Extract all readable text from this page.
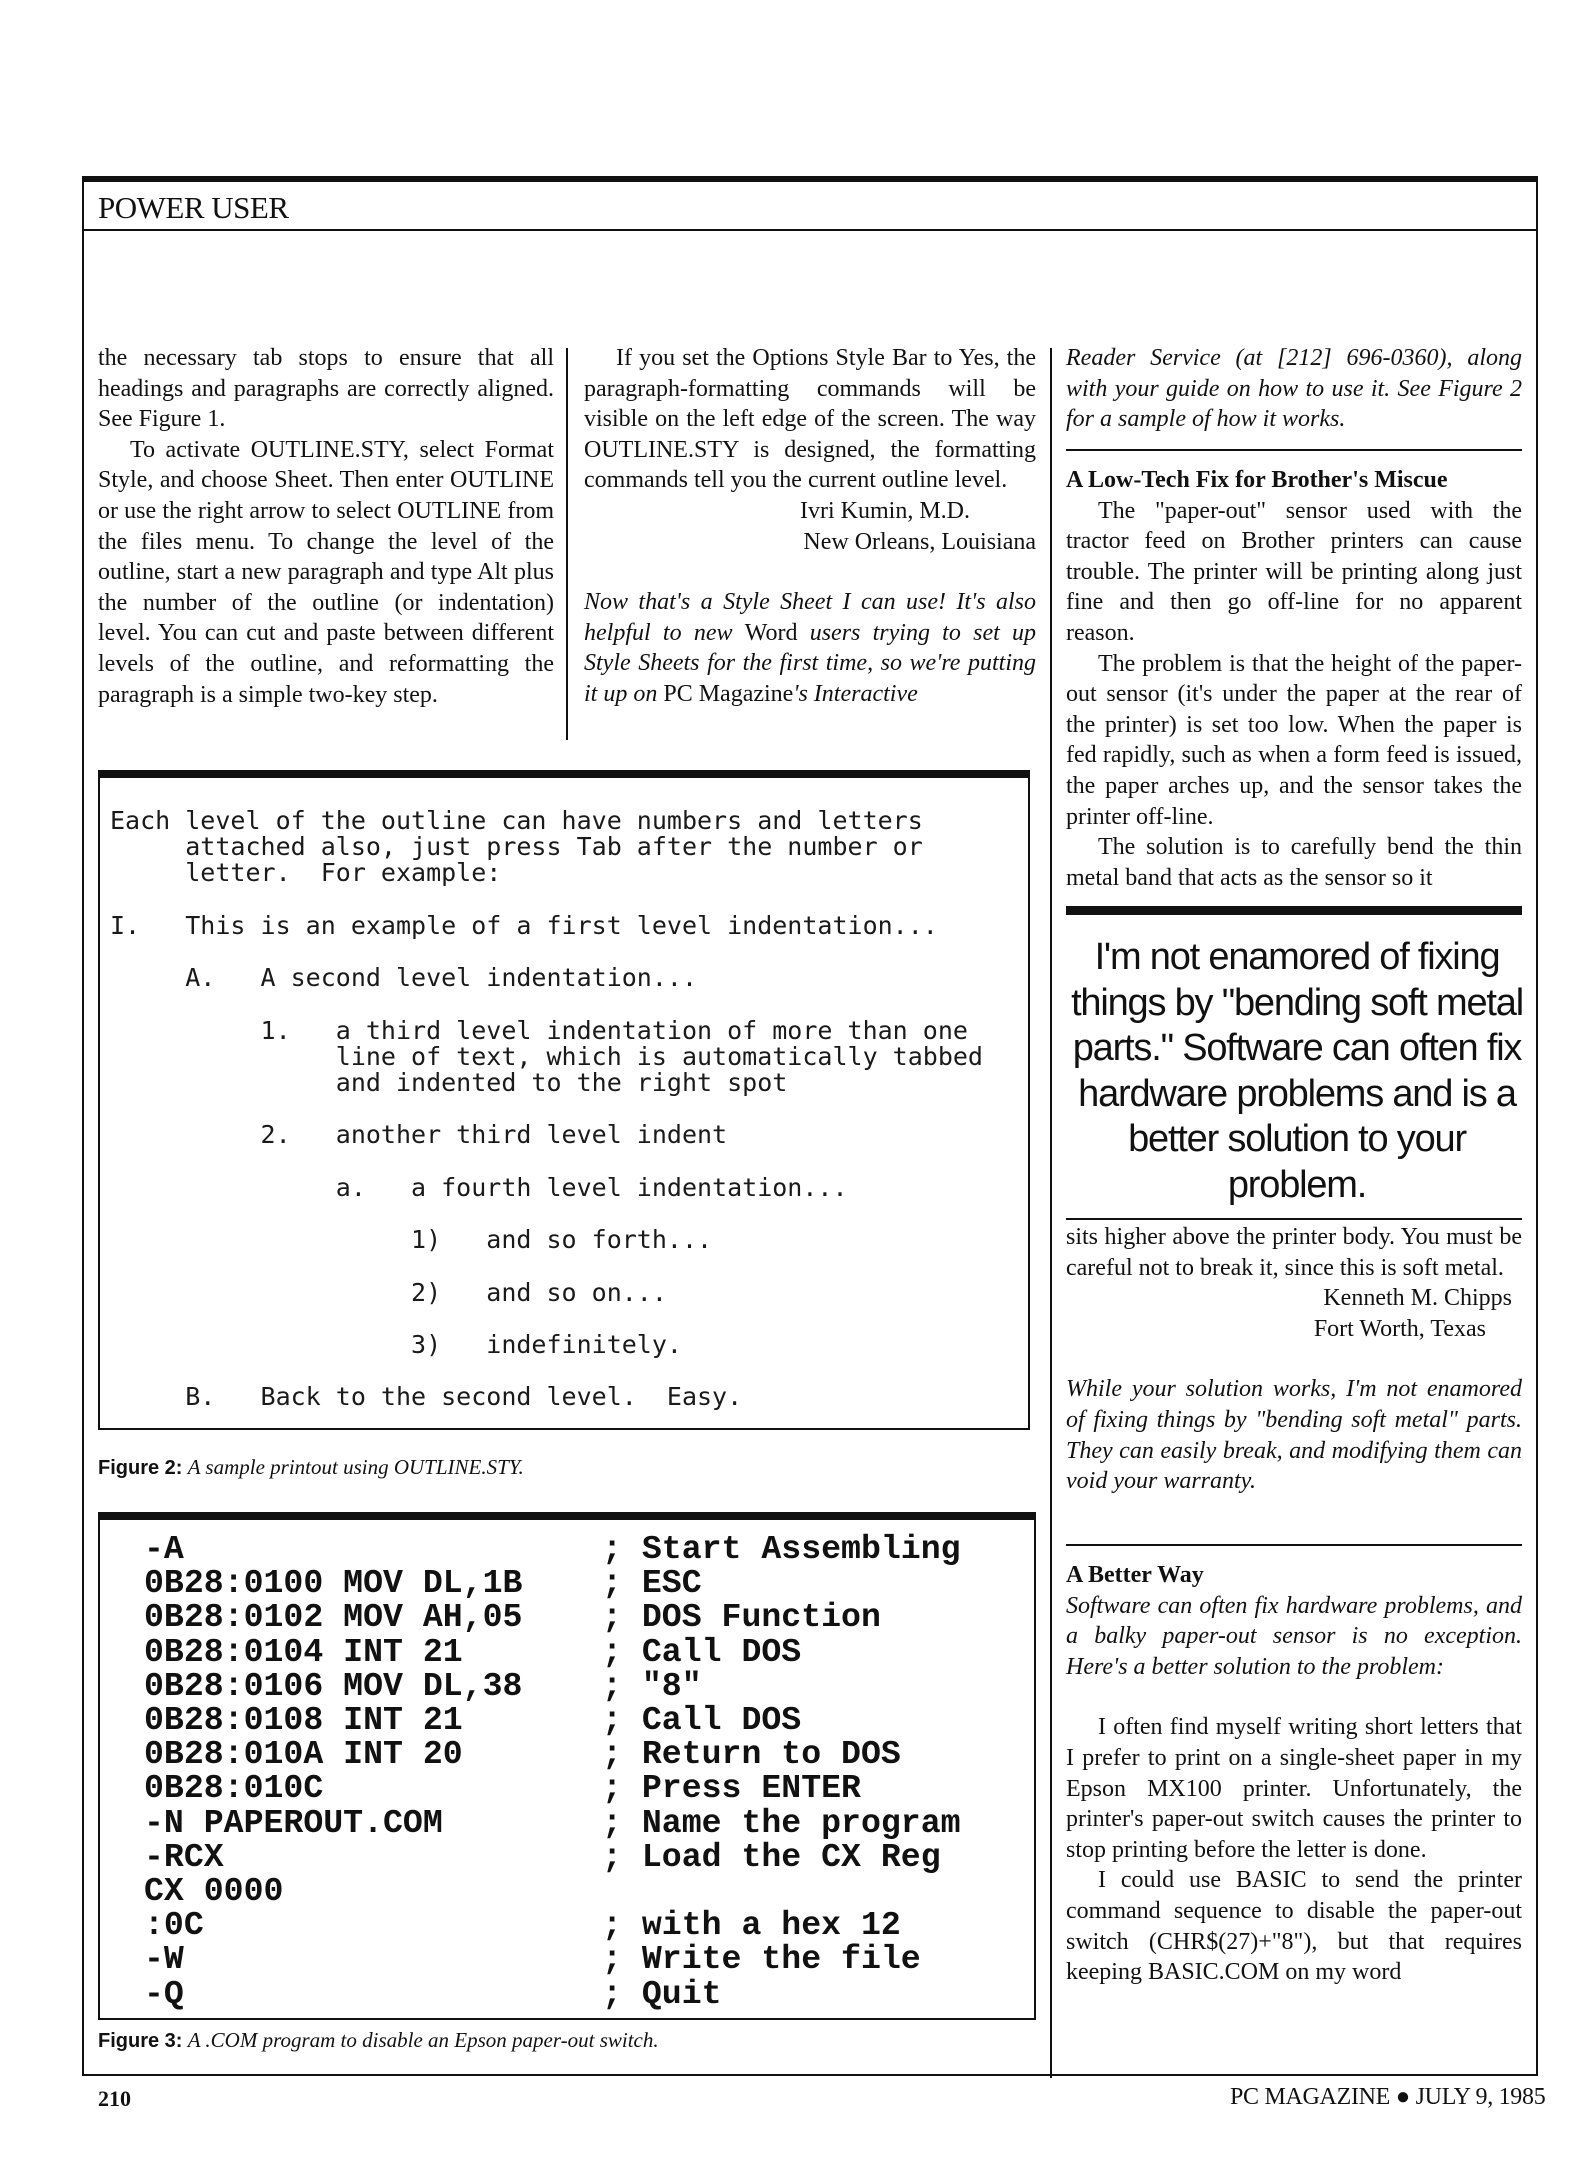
POWER USER

the necessary tab stops to ensure that all headings and paragraphs are correctly aligned. See Figure 1.

To activate OUTLINE.STY, select Format Style, and choose Sheet. Then enter OUTLINE or use the right arrow to select OUTLINE from the files menu. To change the level of the outline, start a new paragraph and type Alt plus the number of the outline (or indentation) level. You can cut and paste between different levels of the outline, and reformatting the paragraph is a simple two-key step.

If you set the Options Style Bar to Yes, the paragraph-formatting commands will be visible on the left edge of the screen. The way OUTLINE.STY is designed, the formatting commands tell you the current outline level.

Ivri Kumin, M.D.

New Orleans, Louisiana

Now that's a Style Sheet I can use! It's also helpful to new Word users trying to set up Style Sheets for the first time, so we're putting it up on PC Magazine's Interactive

Reader Service (at [212] 696-0360), along with your guide on how to use it. See Figure 2 for a sample of how it works.

A Low-Tech Fix for Brother's Miscue

The "paper-out" sensor used with the tractor feed on Brother printers can cause trouble. The printer will be printing along just fine and then go off-line for no apparent reason.

The problem is that the height of the paper-out sensor (it's under the paper at the rear of the printer) is set too low. When the paper is fed rapidly, such as when a form feed is issued, the paper arches up, and the sensor takes the printer off-line.

The solution is to carefully bend the thin metal band that acts as the sensor so it

I'm not enamored of fixing things by "bending soft metal parts." Software can often fix hardware problems and is a better solution to your problem.

sits higher above the printer body. You must be careful not to break it, since this is soft metal.

Kenneth M. Chipps

Fort Worth, Texas

While your solution works, I'm not enamored of fixing things by "bending soft metal" parts. They can easily break, and modifying them can void your warranty.

A Better Way

Software can often fix hardware problems, and a balky paper-out sensor is no exception. Here's a better solution to the problem:

I often find myself writing short letters that I prefer to print on a single-sheet paper in my Epson MX100 printer. Unfortunately, the printer's paper-out switch causes the printer to stop printing before the letter is done.

I could use BASIC to send the printer command sequence to disable the paper-out switch (CHR$(27)+"8"), but that requires keeping BASIC.COM on my word

Each level of the outline can have numbers and letters
attached also, just press Tab after the number or
letter.  For example:

I.   This is an example of a first level indentation...

A.   A second level indentation...

1.   a third level indentation of more than one
line of text, which is automatically tabbed
and indented to the right spot

2.   another third level indent

a.   a fourth level indentation...

1)   and so forth...

2)   and so on...

3)   indefinitely.

B.   Back to the second level.  Easy.
Figure 2: A sample printout using OUTLINE.STY.
-A                     ; Start Assembling
0B28:0100 MOV DL,1B    ; ESC
0B28:0102 MOV AH,05    ; DOS Function
0B28:0104 INT 21       ; Call DOS
0B28:0106 MOV DL,38    ; "8"
0B28:0108 INT 21       ; Call DOS
0B28:010A INT 20       ; Return to DOS
0B28:010C              ; Press ENTER
-N PAPEROUT.COM        ; Name the program
-RCX                   ; Load the CX Reg
CX 0000
:0C                    ; with a hex 12
-W                     ; Write the file
-Q                     ; Quit
Figure 3: A .COM program to disable an Epson paper-out switch.
210	PC MAGAZINE ● JULY 9, 1985
